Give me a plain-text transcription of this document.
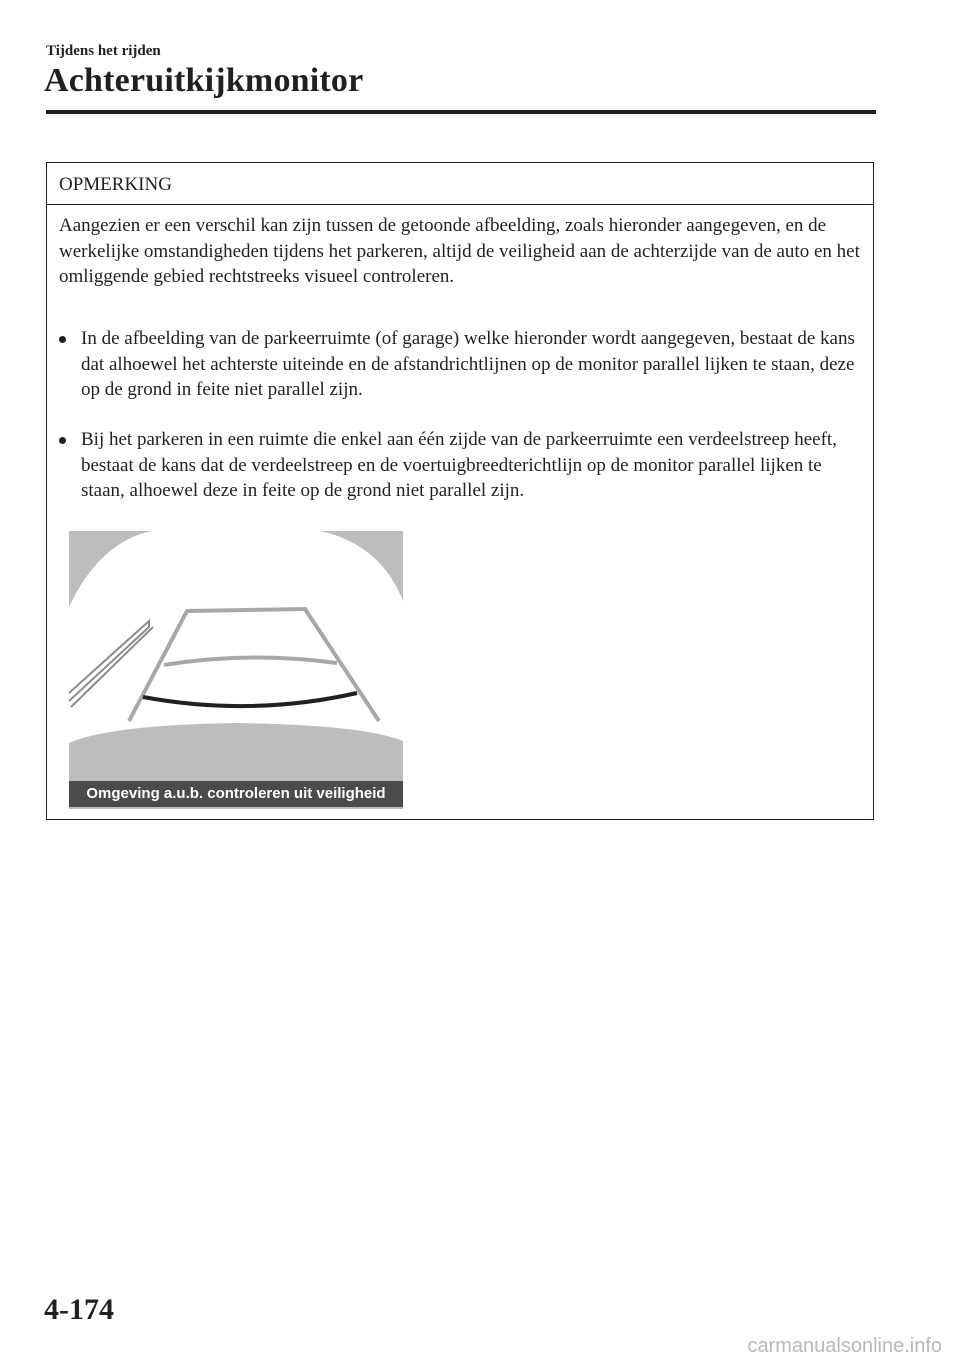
Tijdens het rijden
Achteruitkijkmonitor
OPMERKING
Aangezien er een verschil kan zijn tussen de getoonde afbeelding, zoals hieronder aangegeven, en de werkelijke omstandigheden tijdens het parkeren, altijd de veiligheid aan de achterzijde van de auto en het omliggende gebied rechtstreeks visueel controleren.
In de afbeelding van de parkeerruimte (of garage) welke hieronder wordt aangegeven, bestaat de kans dat alhoewel het achterste uiteinde en de afstandrichtlijnen op de monitor parallel lijken te staan, deze op de grond in feite niet parallel zijn.
Bij het parkeren in een ruimte die enkel aan één zijde van de parkeerruimte een verdeelstreep heeft, bestaat de kans dat de verdeelstreep en de voertuigbreedterichtlijn op de monitor parallel lijken te staan, alhoewel deze in feite op de grond niet parallel zijn.
Omgeving a.u.b. controleren uit veiligheid
4-174
carmanualsonline.info
